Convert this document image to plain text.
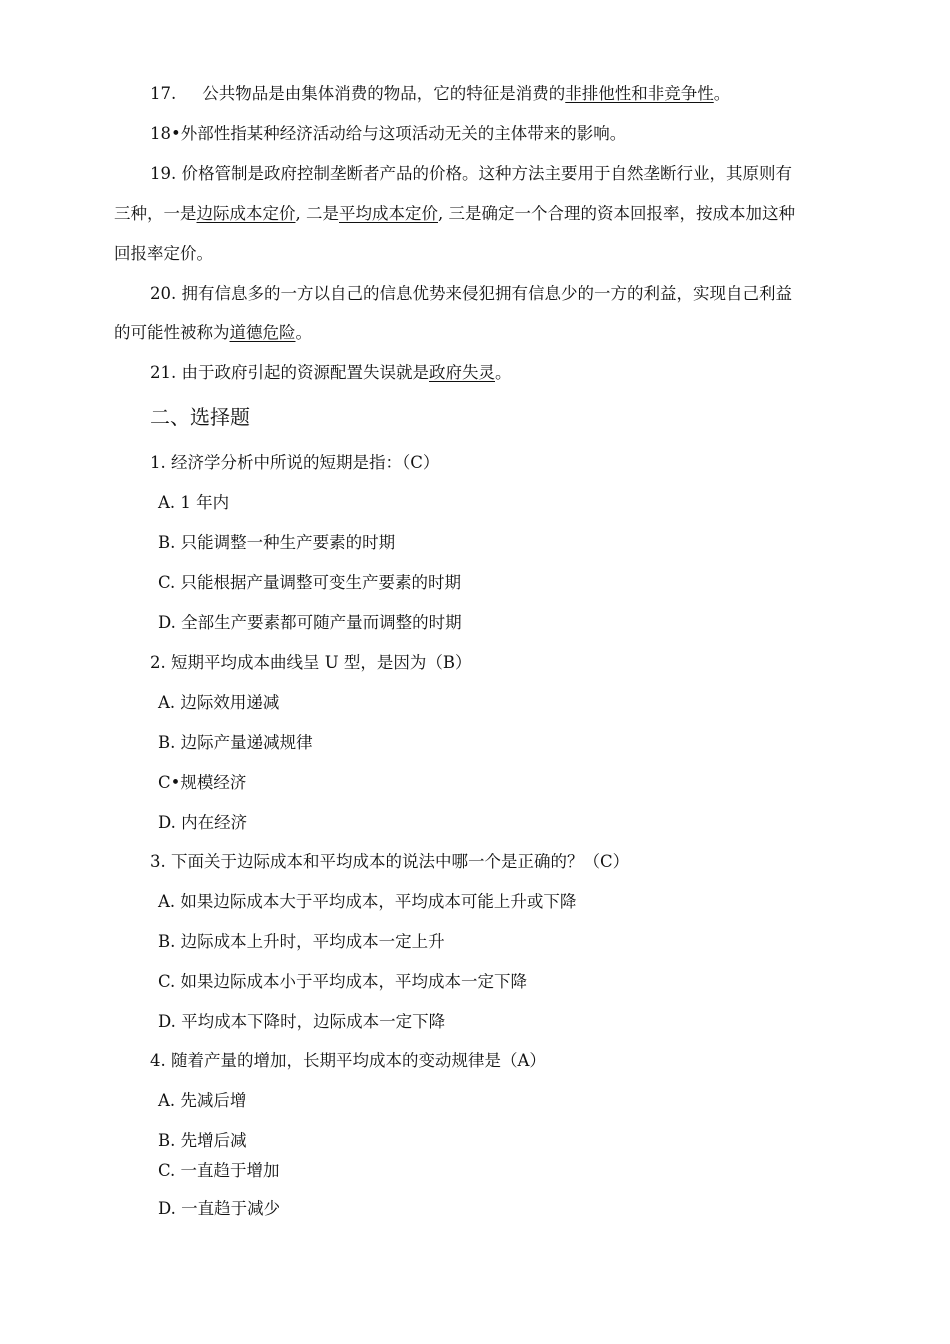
17. 公共物品是由集体消费的物品，它的特征是消费的非排他性和非竞争性。
18•外部性指某种经济活动给与这项活动无关的主体带来的影响。
19. 价格管制是政府控制垄断者产品的价格。这种方法主要用于自然垄断行业，其原则有
三种，一是边际成本定价, 二是平均成本定价, 三是确定一个合理的资本回报率，按成本加这种
回报率定价。
20. 拥有信息多的一方以自己的信息优势来侵犯拥有信息少的一方的利益，实现自己利益
的可能性被称为道德危险。
21. 由于政府引起的资源配置失误就是政府失灵。
二、选择题
1. 经济学分析中所说的短期是指：（C）
A. 1 年内
B. 只能调整一种生产要素的时期
C. 只能根据产量调整可变生产要素的时期
D. 全部生产要素都可随产量而调整的时期
2. 短期平均成本曲线呈 U 型，是因为（B）
A. 边际效用递减
B. 边际产量递减规律
C•规模经济
D. 内在经济
3. 下面关于边际成本和平均成本的说法中哪一个是正确的？（C）
A. 如果边际成本大于平均成本，平均成本可能上升或下降
B. 边际成本上升时，平均成本一定上升
C. 如果边际成本小于平均成本，平均成本一定下降
D. 平均成本下降时，边际成本一定下降
4. 随着产量的增加，长期平均成本的变动规律是（A）
A. 先减后增
B. 先增后减
C. 一直趋于增加
D. 一直趋于减少
